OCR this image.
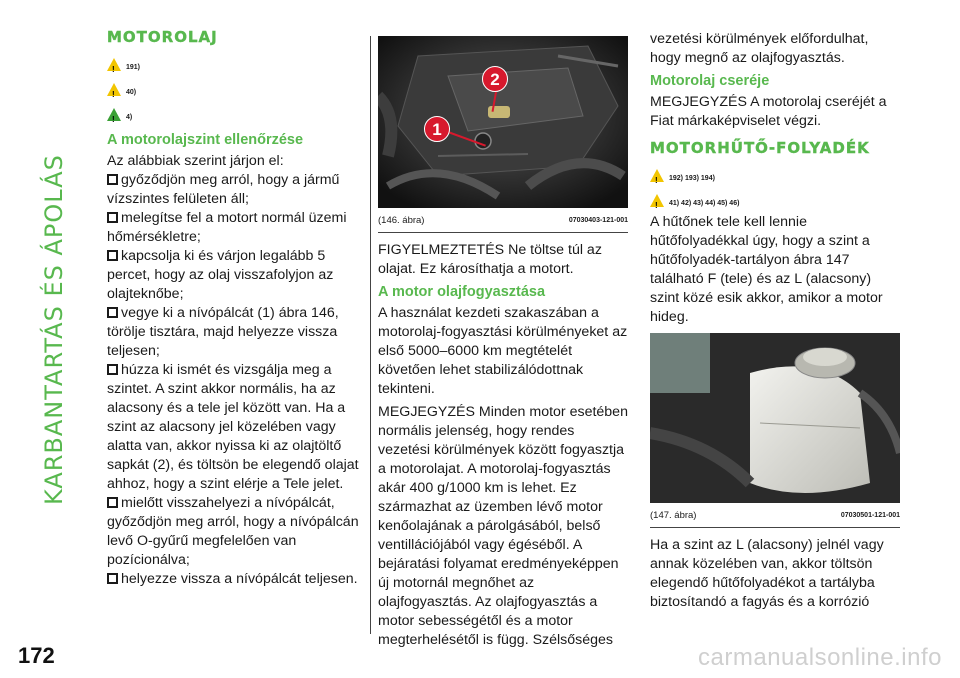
KARBANTARTÁS ÉS ÁPOLÁS
MOTOROLAJ
!
191)
!
40)
!
4)
A motorolajszint ellenőrzése

Az alábbiak szerint járjon el:

győződjön meg arról, hogy a jármű vízszintes felületen áll;
melegítse fel a motort normál üzemi hőmérsékletre;
kapcsolja ki és várjon legalább 5 percet, hogy az olaj visszafolyjon az olajteknőbe;
vegye ki a nívópálcát (1) ábra 146, törölje tisztára, majd helyezze vissza teljesen;
húzza ki ismét és vizsgálja meg a szintet. A szint akkor normális, ha az alacsony és a tele jel között van. Ha a szint az alacsony jel közelében vagy alatta van, akkor nyissa ki az olajtöltő sapkát (2), és töltsön be elegendő olajat ahhoz, hogy a szint elérje a Tele jelet.
mielőtt visszahelyezi a nívópálcát, győződjön meg arról, hogy a nívópálcán levő O-gyűrű megfelelően van pozícionálva;
helyezze vissza a nívópálcát teljesen.
1
2
(146. ábra)	07030403-121-001

FIGYELMEZTETÉS Ne töltse túl az olajat. Ez károsíthatja a motort.

A motor olajfogyasztása

A használat kezdeti szakaszában a motorolaj-fogyasztási körülményeket az első 5000–6000 km megtételét követően lehet stabilizálódottnak tekinteni.

MEGJEGYZÉS Minden motor esetében normális jelenség, hogy rendes vezetési körülmények között fogyasztja a motorolajat. A motorolaj-fogyasztás akár 400 g/1000 km is lehet. Ez származhat az üzemben lévő motor kenőolajának a párolgásából, belső ventillációjából vagy égéséből. A bejáratási folyamat eredményeképpen új motornál megnőhet az olajfogyasztás. Az olajfogyasztás a motor sebességétől és a motor megterhelésétől is függ. Szélsőséges

vezetési körülmények előfordulhat, hogy megnő az olajfogyasztás.

Motorolaj cseréje

MEGJEGYZÉS A motorolaj cseréjét a Fiat márkaképviselet végzi.

MOTORHŰTŐ-FOLYADÉK
!
192) 193) 194)
!
41) 42) 43) 44) 45) 46)

A hűtőnek tele kell lennie hűtőfolyadékkal úgy, hogy a szint a hűtőfolyadék-tartályon ábra 147 található F (tele) és az L (alacsony) szint közé esik akkor, amikor a motor hideg.

(147. ábra)	07030501-121-001

Ha a szint az L (alacsony) jelnél vagy annak közelében van, akkor töltsön elegendő hűtőfolyadékot a tartályba biztosítandó a fagyás és a korrózió

172	carmanualsonline.info
